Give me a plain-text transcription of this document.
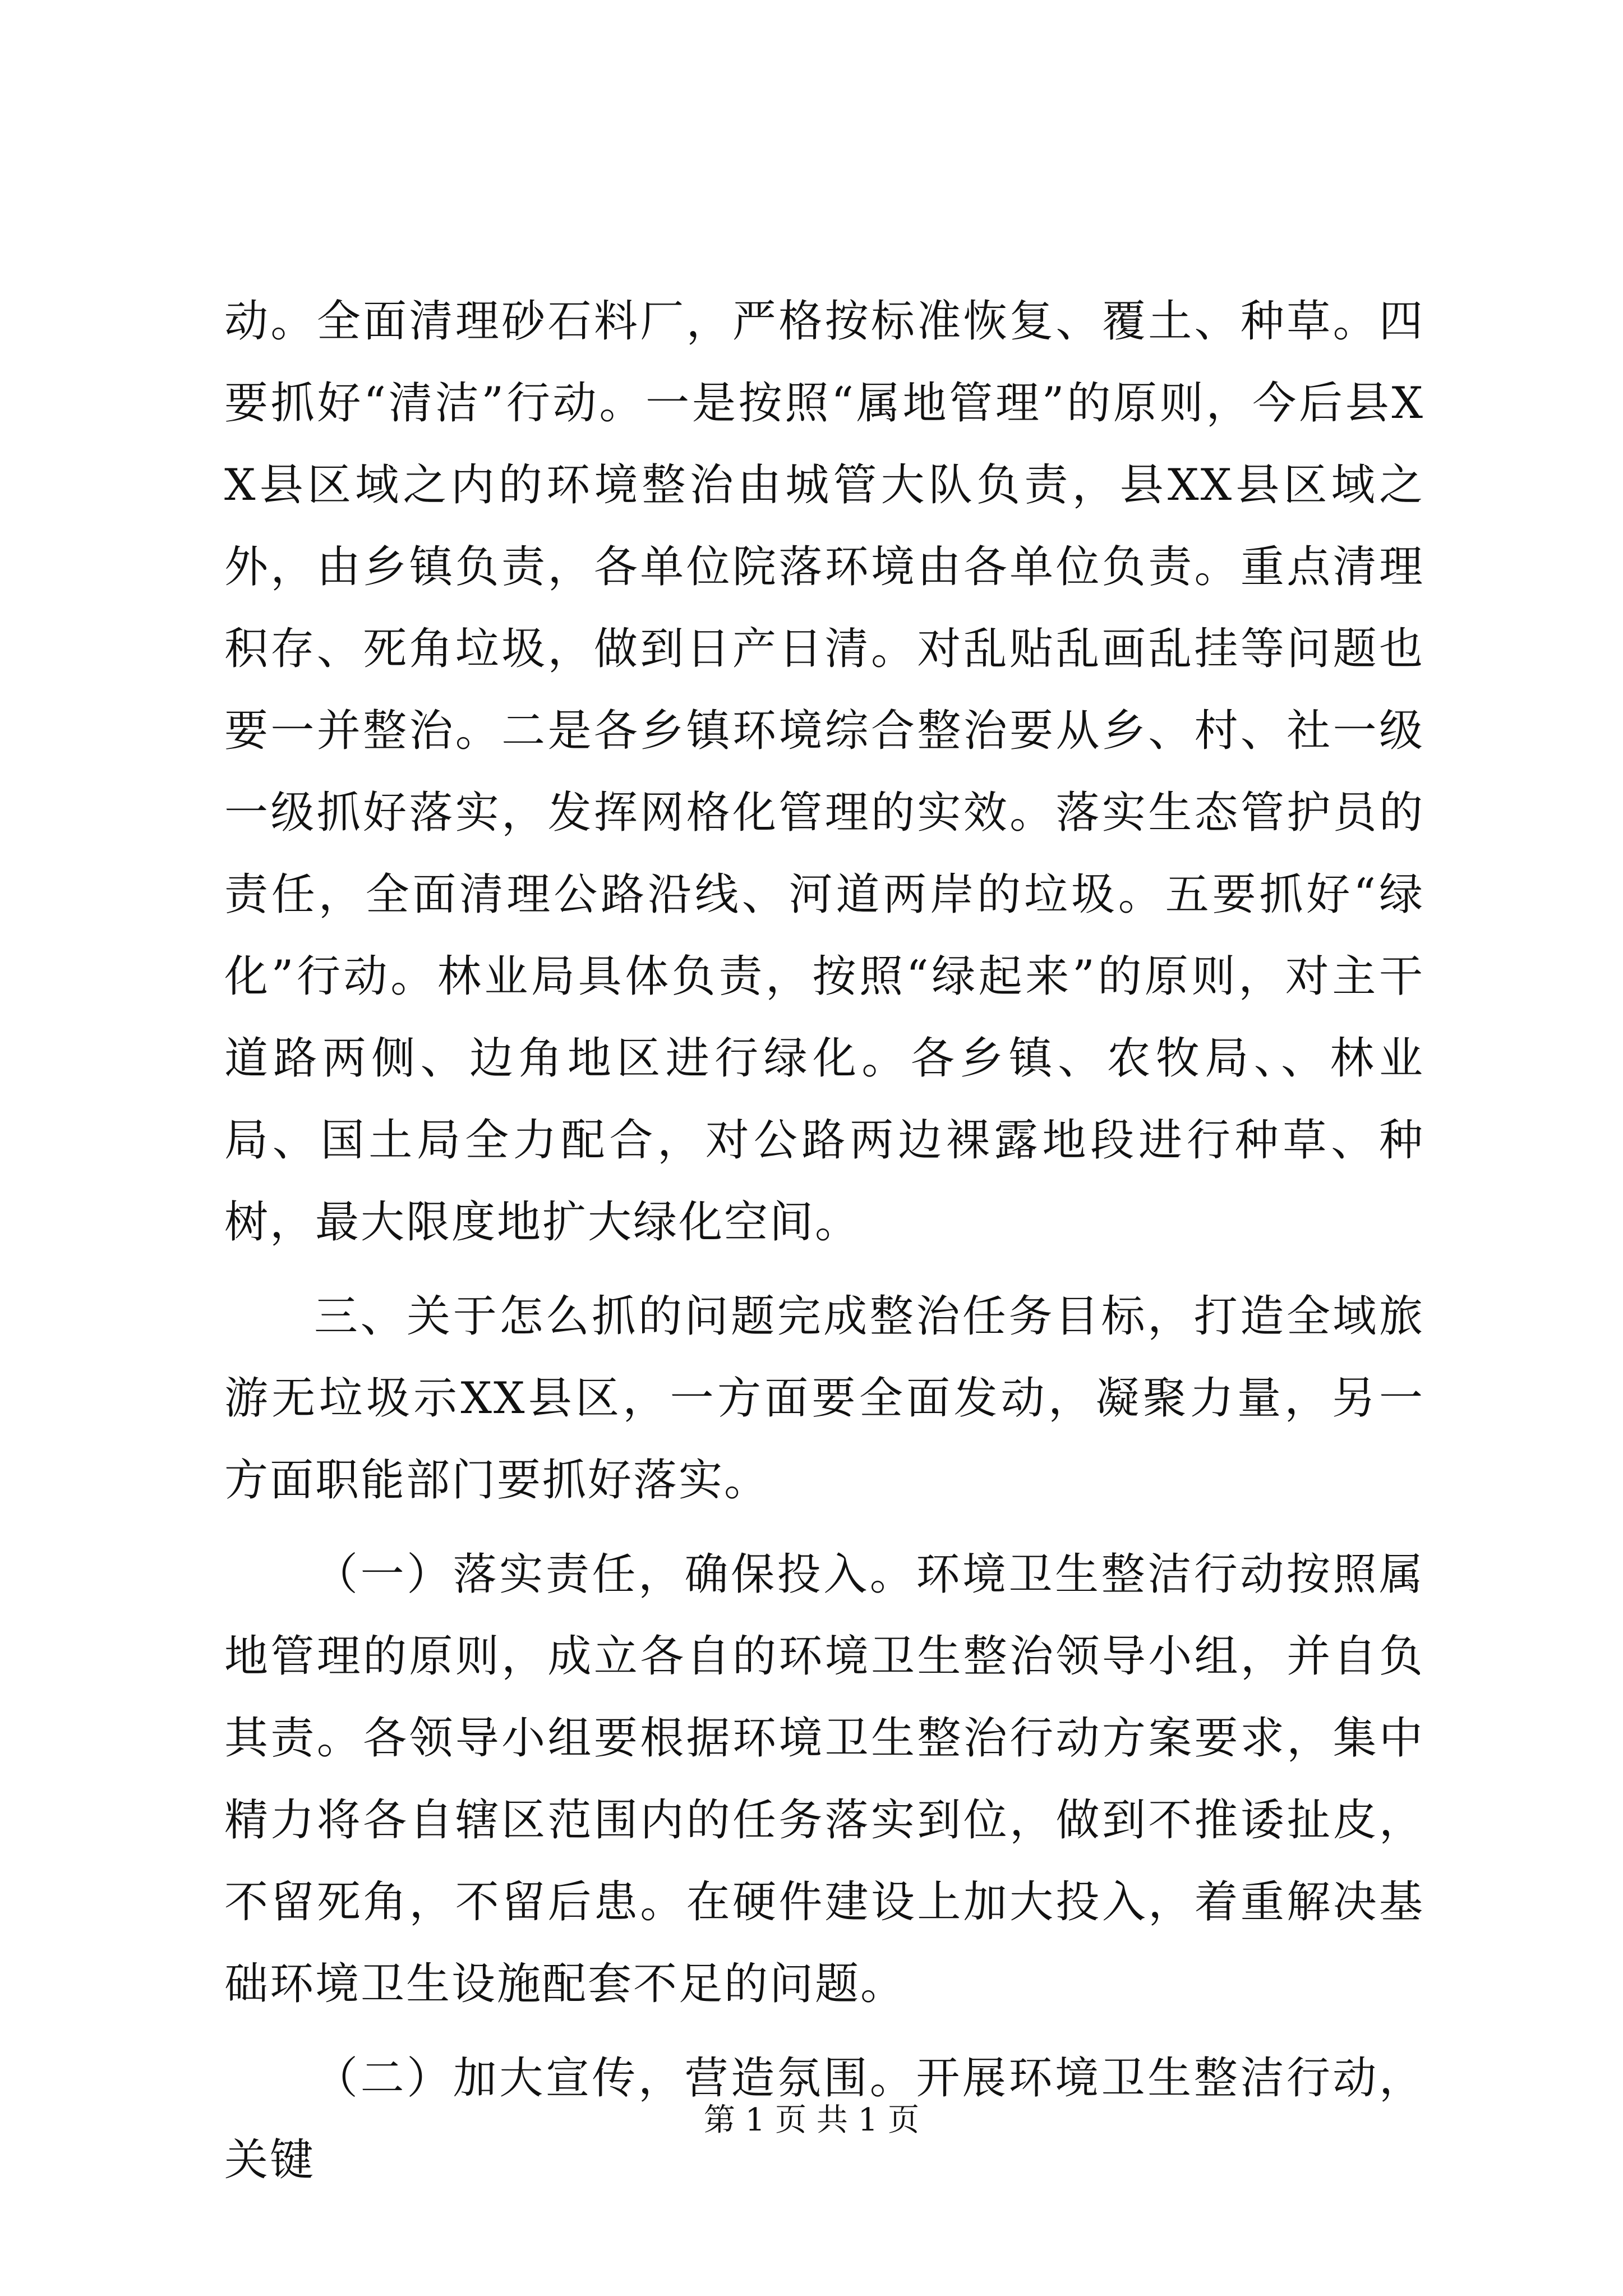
动。全面清理砂石料厂，严格按标准恢复、覆土、种草。四要抓好“清洁”行动。一是按照“属地管理”的原则，今后县XX县区域之内的环境整治由城管大队负责，县XX县区域之外，由乡镇负责，各单位院落环境由各单位负责。重点清理积存、死角垃圾，做到日产日清。对乱贴乱画乱挂等问题也要一并整治。二是各乡镇环境综合整治要从乡、村、社一级一级抓好落实，发挥网格化管理的实效。落实生态管护员的责任，全面清理公路沿线、河道两岸的垃圾。五要抓好“绿化”行动。林业局具体负责，按照“绿起来”的原则，对主干道路两侧、边角地区进行绿化。各乡镇、农牧局、、林业局、国土局全力配合，对公路两边裸露地段进行种草、种树，最大限度地扩大绿化空间。

三、关于怎么抓的问题完成整治任务目标，打造全域旅游无垃圾示XX县区，一方面要全面发动，凝聚力量，另一方面职能部门要抓好落实。

（一）落实责任，确保投入。环境卫生整洁行动按照属地管理的原则，成立各自的环境卫生整治领导小组，并自负其责。各领导小组要根据环境卫生整治行动方案要求，集中精力将各自辖区范围内的任务落实到位，做到不推诿扯皮，不留死角，不留后患。在硬件建设上加大投入，着重解决基础环境卫生设施配套不足的问题。

（二）加大宣传，营造氛围。开展环境卫生整洁行动，关键

第 1 页 共 1 页
